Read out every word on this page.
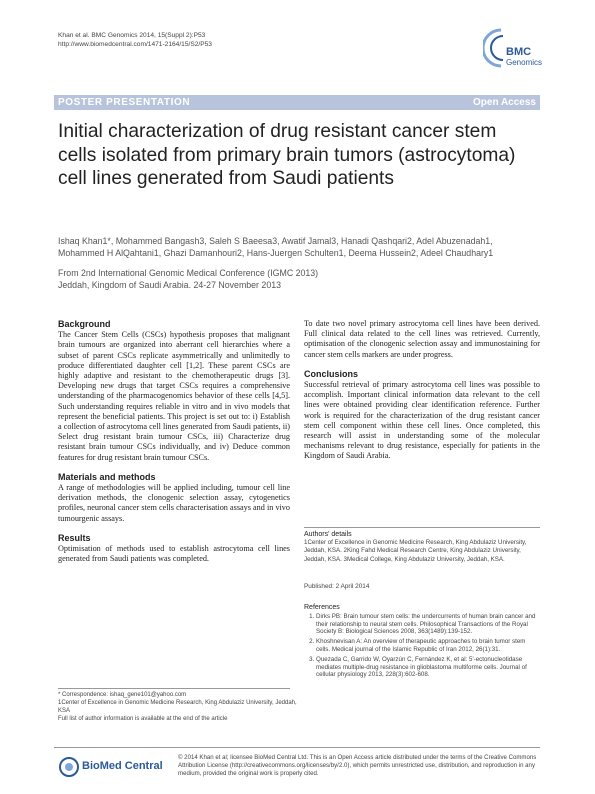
Khan et al. BMC Genomics 2014, 15(Suppl 2):P53
http://www.biomedcentral.com/1471-2164/15/S2/P53
BMC
Genomics
POSTER PRESENTATION	Open Access
Initial characterization of drug resistant cancer stem cells isolated from primary brain tumors (astrocytoma) cell lines generated from Saudi patients
Ishaq Khan1*, Mohammed Bangash3, Saleh S Baeesa3, Awatif Jamal3, Hanadi Qashqari2, Adel Abuzenadah1, Mohammed H AlQahtani1, Ghazi Damanhouri2, Hans-Juergen Schulten1, Deema Hussein2, Adeel Chaudhary1
From 2nd International Genomic Medical Conference (IGMC 2013)
Jeddah, Kingdom of Saudi Arabia. 24-27 November 2013
Background

The Cancer Stem Cells (CSCs) hypothesis proposes that malignant brain tumours are organized into aberrant cell hierarchies where a subset of parent CSCs replicate asymmetrically and unlimitedly to produce differentiated daughter cell [1,2]. These parent CSCs are highly adaptive and resistant to the chemotherapeutic drugs [3]. Developing new drugs that target CSCs requires a comprehensive understanding of the pharmacogenomics behavior of these cells [4,5]. Such understanding requires reliable in vitro and in vivo models that represent the beneficial patients. This project is set out to: i) Establish a collection of astrocytoma cell lines generated from Saudi patients, ii) Select drug resistant brain tumour CSCs, iii) Characterize drug resistant brain tumour CSCs individually, and iv) Deduce common features for drug resistant brain tumour CSCs.

Materials and methods

A range of methodologies will be applied including, tumour cell line derivation methods, the clonogenic selection assay, cytogenetics profiles, neuronal cancer stem cells characterisation assays and in vivo tumourgenic assays.

Results

Optimisation of methods used to establish astrocytoma cell lines generated from Saudi patients was completed.

* Correspondence: ishaq_gene101@yahoo.com
1Center of Excellence in Genomic Medicine Research, King Abdulaziz University, Jeddah, KSA
Full list of author information is available at the end of the article

To date two novel primary astrocytoma cell lines have been derived. Full clinical data related to the cell lines was retrieved. Currently, optimisation of the clonogenic selection assay and immunostaining for cancer stem cells markers are under progress.

Conclusions

Successful retrieval of primary astrocytoma cell lines was possible to accomplish. Important clinical information data relevant to the cell lines were obtained providing clear identification reference. Further work is required for the characterization of the drug resistant cancer stem cell component within these cell lines. Once completed, this research will assist in understanding some of the molecular mechanisms relevant to drug resistance, especially for patients in the Kingdom of Saudi Arabia.

Authors' details
1Center of Excellence in Genomic Medicine Research, King Abdulaziz University, Jeddah, KSA. 2King Fahd Medical Research Centre, King Abdulaziz University, Jeddah, KSA. 3Medical College, King Abdulaziz University, Jeddah, KSA.
Published: 2 April 2014
References
1. Dirks PB: Brain tumour stem cells: the undercurrents of human brain cancer and their relationship to neural stem cells. Philosophical Transactions of the Royal Society B: Biological Sciences 2008, 363(1489):139-152.
2. Khoshnevisan A: An overview of therapeutic approaches to brain tumor stem cells. Medical journal of the Islamic Republic of Iran 2012, 26(1):31.
3. Quezada C, Garrido W, Oyarzún C, Fernández K, et al: 5'-ectonucleotidase mediates multiple-drug resistance in glioblastoma multiforme cells. Journal of cellular physiology 2013, 228(3):602-608.
BioMed Central
© 2014 Khan et al; licensee BioMed Central Ltd. This is an Open Access article distributed under the terms of the Creative Commons Attribution License (http://creativecommons.org/licenses/by/2.0), which permits unrestricted use, distribution, and reproduction in any medium, provided the original work is properly cited.
